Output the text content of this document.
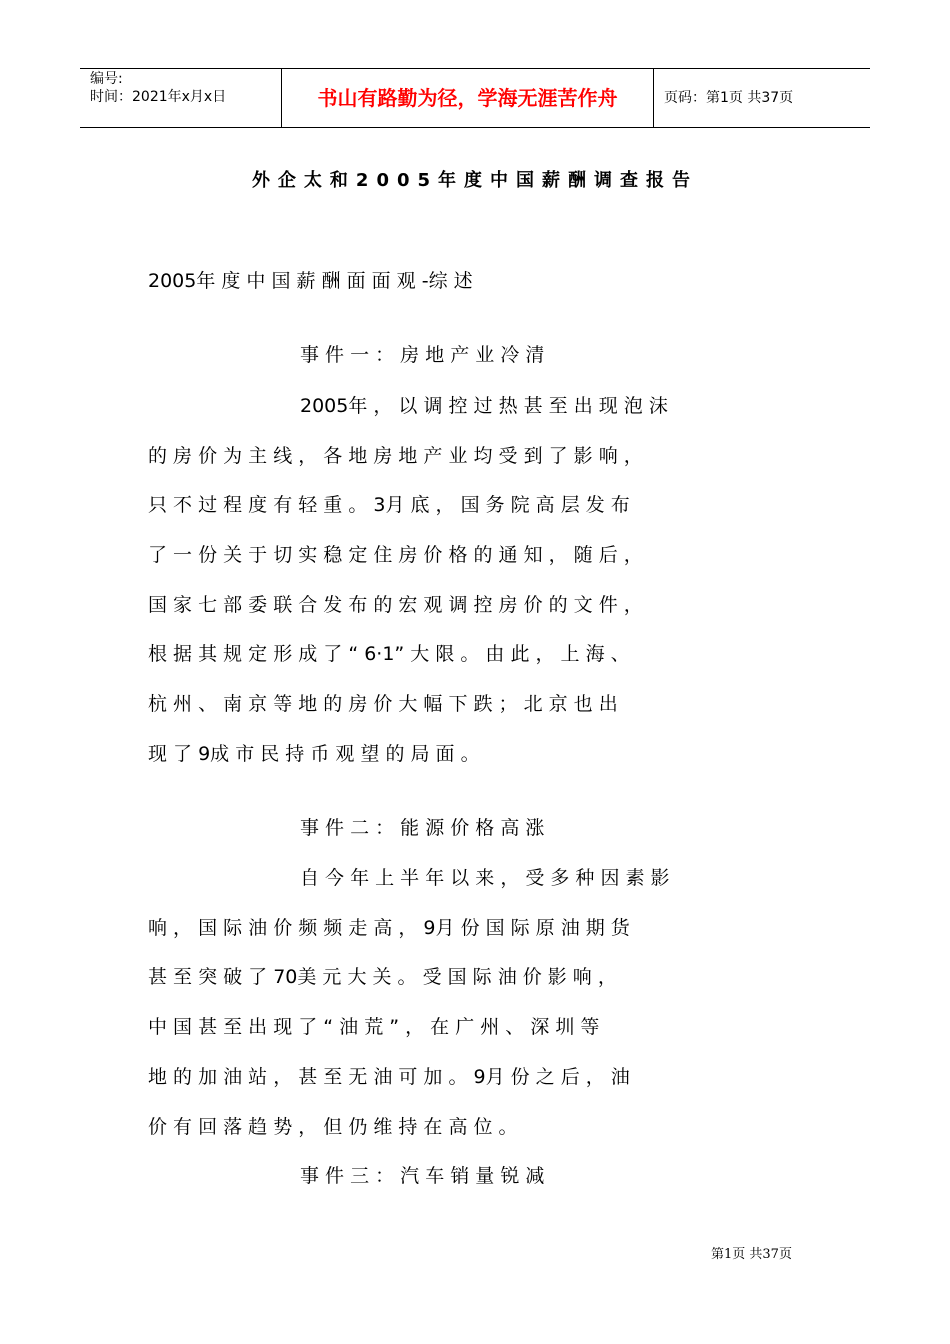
编号:
时间：2021年x月x日	书山有路勤为径，学海无涯苦作舟	页码：第1页 共37页
外企太和2005年度中国薪酬调查报告
2005年 度 中 国 薪 酬 面 面 观 -综 述
事 件 一 ： 房 地 产 业 冷 清
2005年 ， 以 调 控 过 热 甚 至 出 现 泡 沫
的 房 价 为 主 线 ， 各 地 房 地 产 业 均 受 到 了 影 响 ，
只 不 过 程 度 有 轻 重 。 3月 底 ， 国 务 院 高 层 发 布
了 一 份 关 于 切 实 稳 定 住 房 价 格 的 通 知 ， 随 后 ，
国 家 七 部 委 联 合 发 布 的 宏 观 调 控 房 价 的 文 件 ，
根 据 其 规 定 形 成 了 “ 6·1” 大 限 。 由 此 ， 上 海 、
杭 州 、 南 京 等 地 的 房 价 大 幅 下 跌 ； 北 京 也 出
现 了 9成 市 民 持 币 观 望 的 局 面 。
事 件 二 ： 能 源 价 格 高 涨
自 今 年 上 半 年 以 来 ， 受 多 种 因 素 影
响 ， 国 际 油 价 频 频 走 高 ， 9月 份 国 际 原 油 期 货
甚 至 突 破 了 70美 元 大 关 。 受 国 际 油 价 影 响 ，
中 国 甚 至 出 现 了 “ 油 荒 ” ， 在 广 州 、 深 圳 等
地 的 加 油 站 ， 甚 至 无 油 可 加 。 9月 份 之 后 ， 油
价 有 回 落 趋 势 ， 但 仍 维 持 在 高 位 。
事 件 三 ： 汽 车 销 量 锐 减
第1页 共37页
